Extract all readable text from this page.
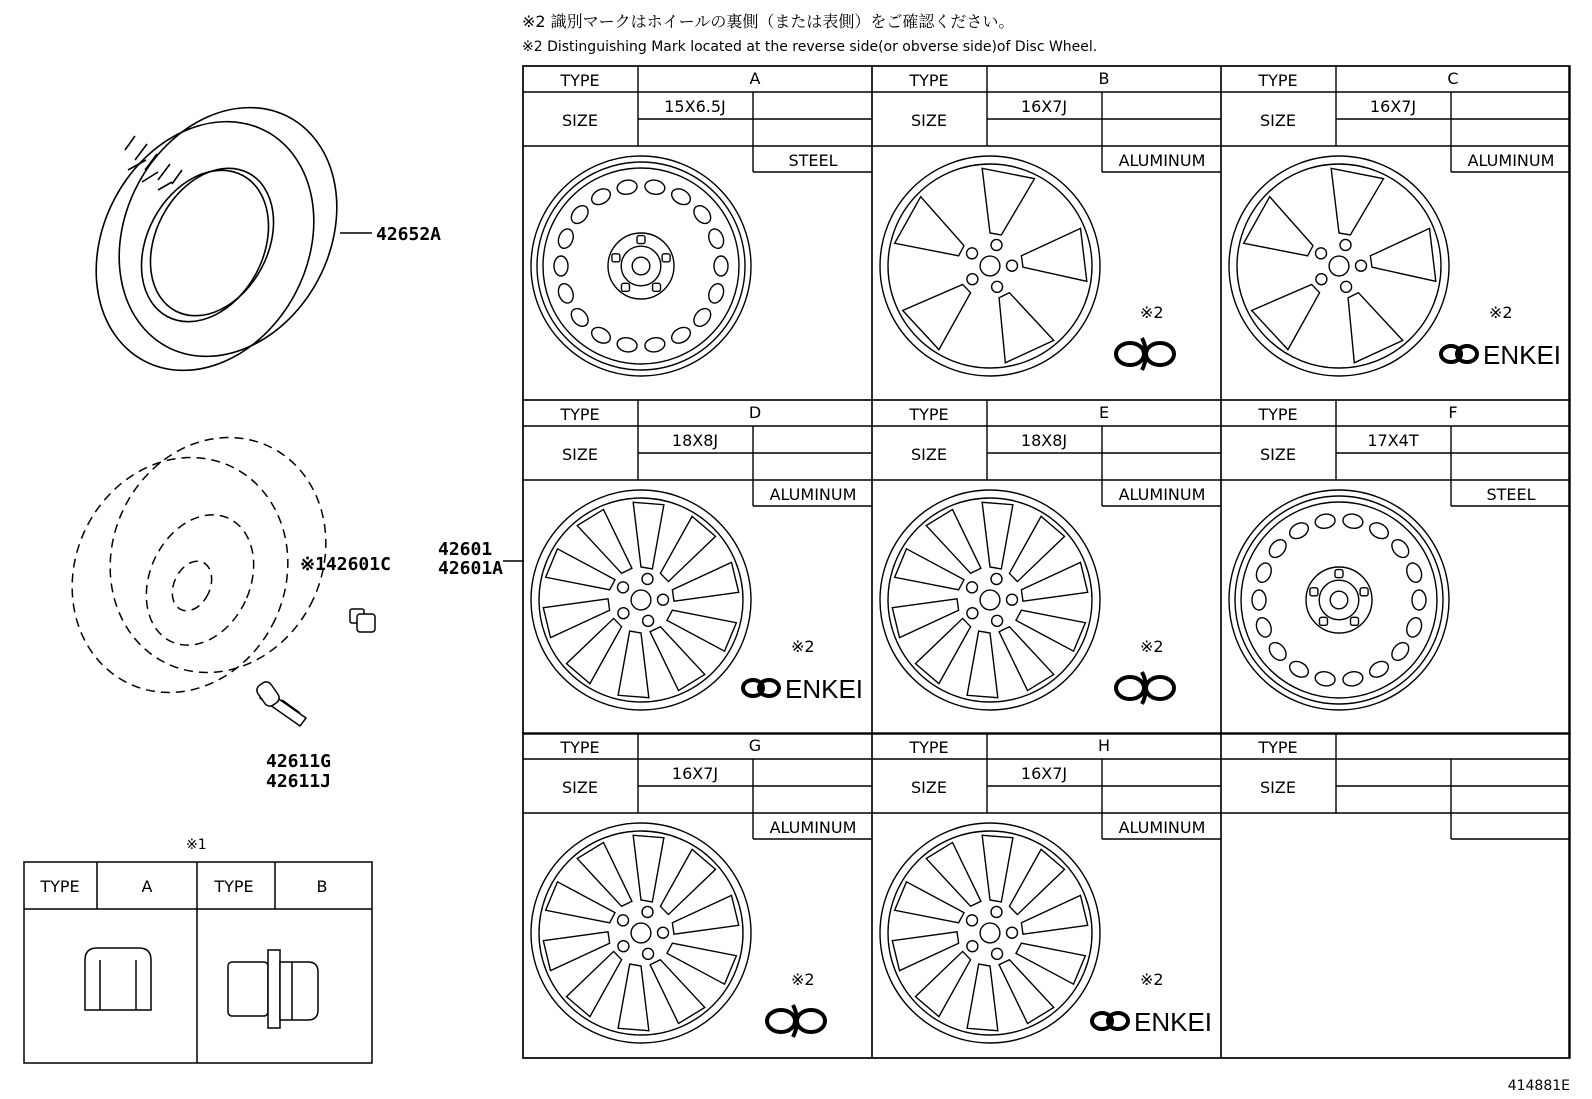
※2 識別マークはホイールの裏側（または表側）をご確認ください。
※2 Distinguishing Mark located at the reverse side(or obverse side)of Disc Wheel.
TYPE	A
SIZE
15X6.5J
STEEL
TYPE	B
SIZE
16X7J
ALUMINUM
※2
TYPE	C
SIZE
16X7J
ALUMINUM
※2
ENKEI
TYPE	D
SIZE
18X8J
ALUMINUM
※2
ENKEI
TYPE	E
SIZE
18X8J
ALUMINUM
※2
TYPE	F
SIZE
17X4T
STEEL
TYPE	G
SIZE
16X7J
ALUMINUM
※2
TYPE	H
SIZE
16X7J
ALUMINUM
※2
ENKEI
TYPE
SIZE
42652A
42601
42601A
※142601C
42611G
42611J
※1
TYPE	A	TYPE	B
414881E
